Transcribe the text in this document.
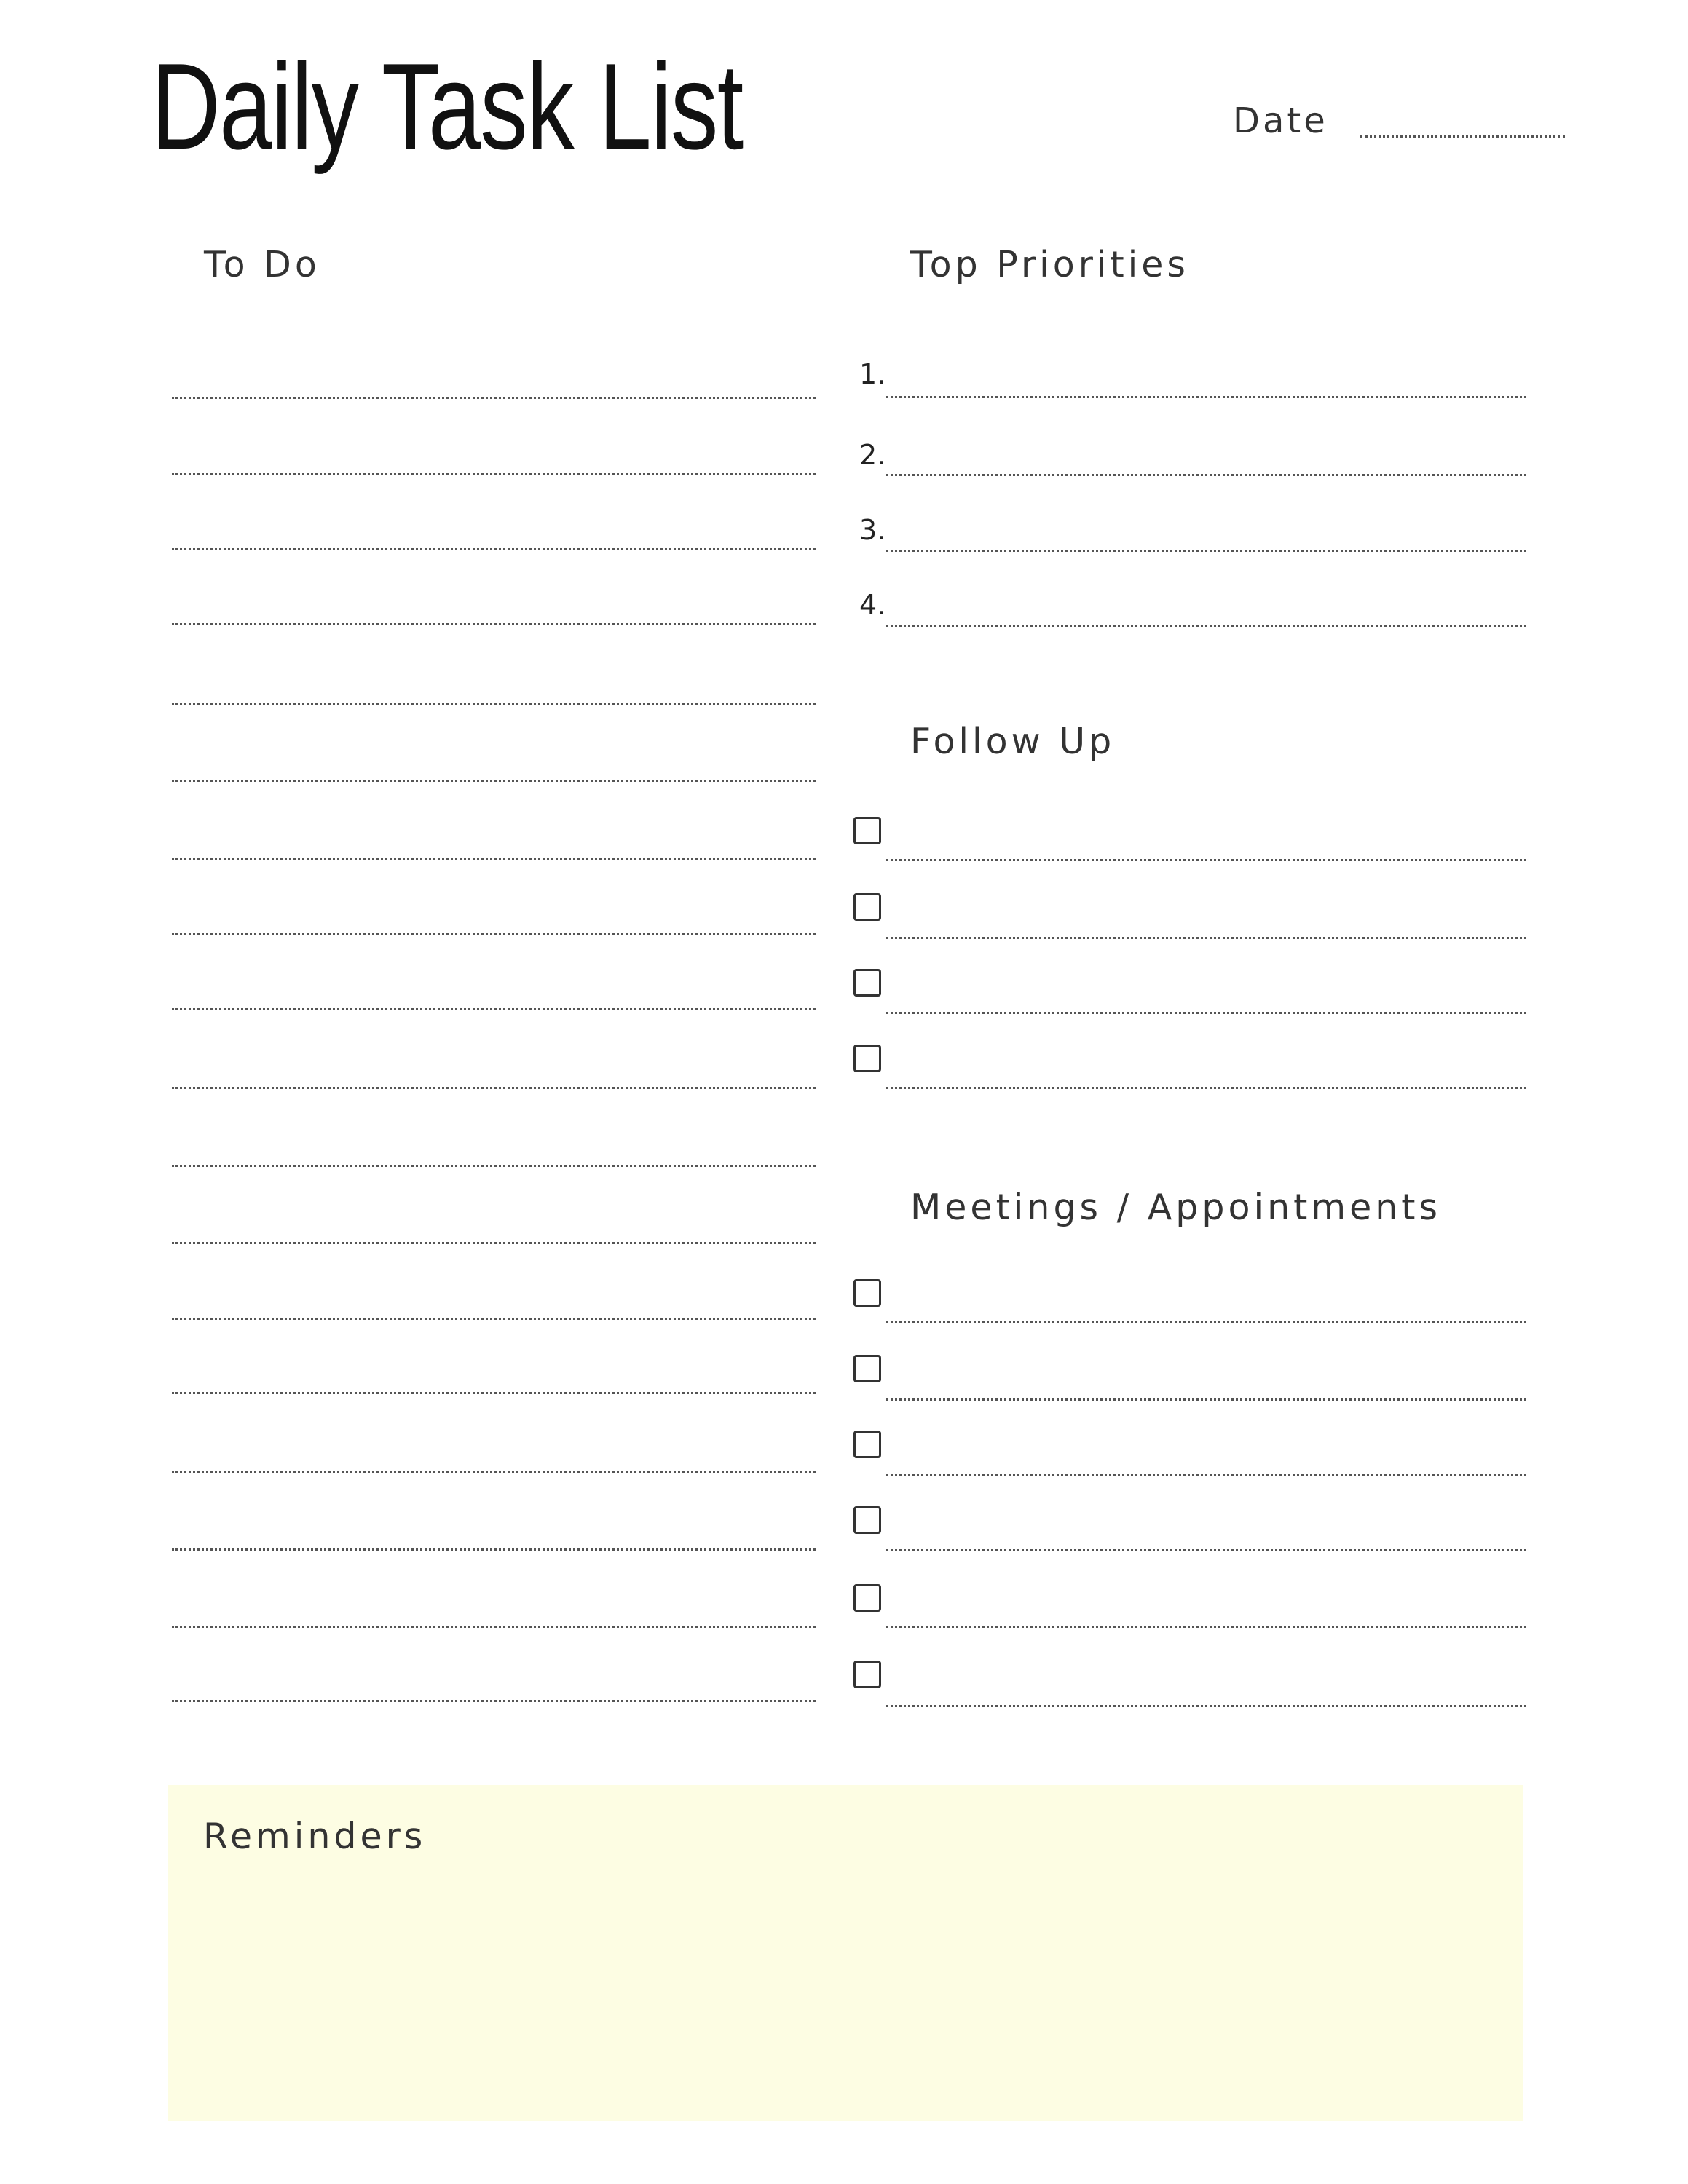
Daily Task List	Date
To Do	Top Priorities
1.
2.
3.
4.
Follow Up
Meetings / Appointments
Reminders
